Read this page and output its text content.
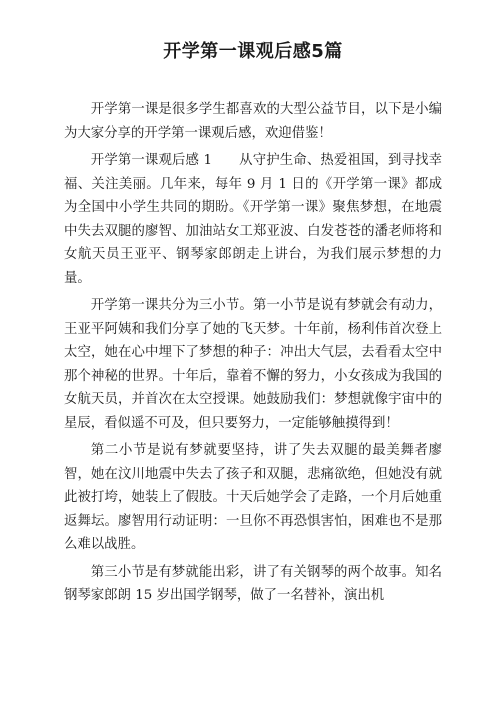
开学第一课观后感5篇

开学第一课是很多学生都喜欢的大型公益节目，以下是小编为大家分享的开学第一课观后感，欢迎借鉴！

开学第一课观后感 1　　从守护生命、热爱祖国，到寻找幸福、关注美丽。几年来，每年 9 月 1 日的《开学第一课》都成为全国中小学生共同的期盼。《开学第一课》聚焦梦想，在地震中失去双腿的廖智、加油站女工郑亚波、白发苍苍的潘老师将和女航天员王亚平、钢琴家郎朗走上讲台，为我们展示梦想的力量。

开学第一课共分为三小节。第一小节是说有梦就会有动力，王亚平阿姨和我们分享了她的飞天梦。十年前，杨利伟首次登上太空，她在心中埋下了梦想的种子：冲出大气层，去看看太空中那个神秘的世界。十年后，靠着不懈的努力，小女孩成为我国的女航天员，并首次在太空授课。她鼓励我们：梦想就像宇宙中的星辰，看似遥不可及，但只要努力，一定能够触摸得到！

第二小节是说有梦就要坚持，讲了失去双腿的最美舞者廖智，她在汶川地震中失去了孩子和双腿，悲痛欲绝，但她没有就此被打垮，她装上了假肢。十天后她学会了走路，一个月后她重返舞坛。廖智用行动证明：一旦你不再恐惧害怕，困难也不是那么难以战胜。

第三小节是有梦就能出彩，讲了有关钢琴的两个故事。知名钢琴家郎朗 15 岁出国学钢琴，做了一名替补，演出机
